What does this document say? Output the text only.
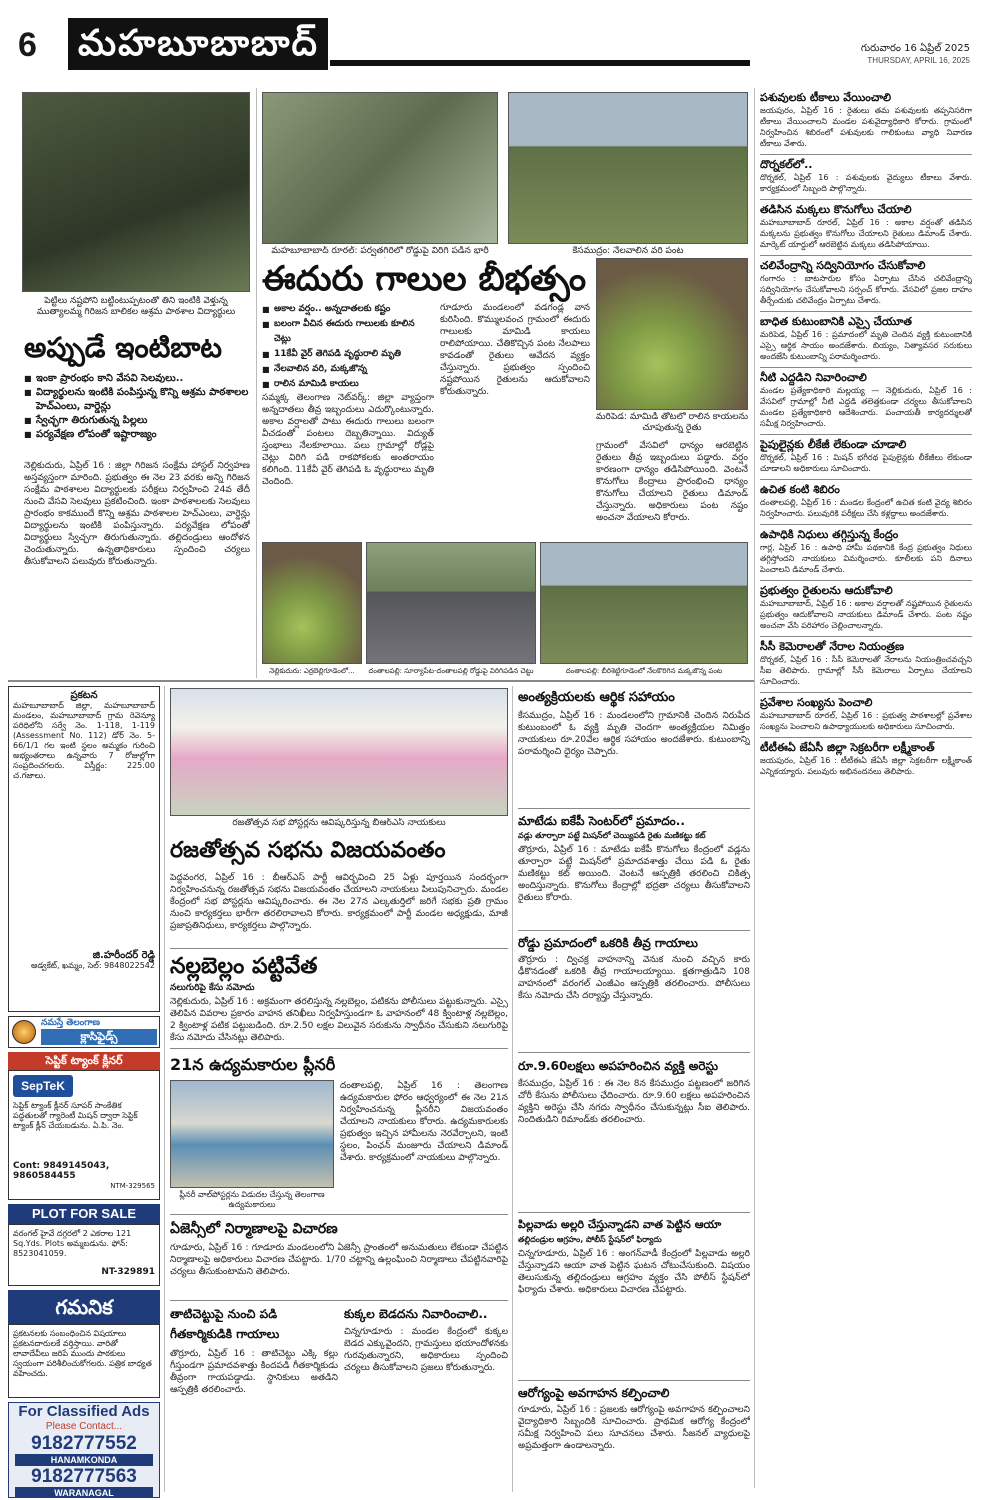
6	మహబూబాబాద్	గురువారం 16 ఏప్రిల్ 2025
THURSDAY, APRIL 16, 2025
పెట్టిలు నష్టపోని బట్టింటుప్పటంతో తిని ఇంటికి వెళ్తున్న ముత్యాలమ్మ గిరిజన బాలికల ఆశ్రమ పాఠశాల విద్యార్థులు
అప్పుడే ఇంటిబాట
■ ఇంకా ప్రారంభం కాని వేసవి సెలవులు..
■ విద్యార్థులను ఇంటికి పంపిస్తున్న కొన్ని ఆశ్రమ పాఠశాలల హెచ్‌ఎంలు, వార్డెన్లు
■ స్వేచ్ఛగా తిరుగుతున్న పిల్లలు
■ పర్యవేక్షణ లోపంతో ఇష్టారాజ్యం
నెల్లికుదురు, ఏప్రిల్ 16 : జిల్లా గిరిజన సంక్షేమ హాస్టల్ నిర్వహణ అస్తవ్యస్తంగా మారింది. ప్రభుత్వం ఈ నెల 23 వరకు అన్ని గిరిజన సంక్షేమ పాఠశాలల విద్యార్థులకు పరీక్షలు నిర్వహించి 24వ తేదీ నుంచి వేసవి సెలవులు ప్రకటించింది. ఇంకా పాఠశాలలకు సెలవులు ప్రారంభం కాకముందే కొన్ని ఆశ్రమ పాఠశాలల హెచ్‌ఎంలు, వార్డెన్లు విద్యార్థులను ఇంటికి పంపిస్తున్నారు. పర్యవేక్షణ లోపంతో విద్యార్థులు స్వేచ్ఛగా తిరుగుతున్నారు. తల్లిదండ్రులు ఆందోళన చెందుతున్నారు. ఉన్నతాధికారులు స్పందించి చర్యలు తీసుకోవాలని పలువురు కోరుతున్నారు.
మహబూబాబాద్ రూరల్: పర్వతగిరిలో రోడ్డుపై విరిగి పడిన భారీ	కేసముద్రం: నేలవాలిన వరి పంట
ఈదురు గాలుల బీభత్సం
మరిపెడ: మామిడి తోటలో రాలిన కాయలను చూపుతున్న రైతు
■ అకాల వర్షం.. అన్నదాతలకు కష్టం
■ బలంగా వీచిన ఈదురు గాలులకు కూలిన చెట్లు
■ 11కేవీ వైర్ తెగిపడి వృద్ధురాలి మృతి
■ నేలవాలిన వరి, మక్కజొన్న
■ రాలిన మామిడి కాయలు
సమ్మక్క తెలంగాణ నెట్‌వర్క్: జిల్లా వ్యాప్తంగా అన్నదాతలు తీవ్ర ఇబ్బందులు ఎదుర్కొంటున్నారు. అకాల వర్షాలతో పాటు ఈదురు గాలులు బలంగా వీచడంతో పంటలు దెబ్బతిన్నాయి. విద్యుత్ స్తంభాలు నేలకూలాయి. పలు గ్రామాల్లో రోడ్లపై చెట్లు విరిగి పడి రాకపోకలకు అంతరాయం కలిగింది. 11కేవీ వైర్ తెగిపడి ఓ వృద్ధురాలు మృతి చెందింది.
గూడూరు మండలంలో వడగండ్ల వాన కురిసింది. కొమ్ములవంచ గ్రామంలో ఈదురు గాలులకు మామిడి కాయలు రాలిపోయాయి. చేతికొచ్చిన పంట నేలపాలు కావడంతో రైతులు ఆవేదన వ్యక్తం చేస్తున్నారు. ప్రభుత్వం స్పందించి నష్టపోయిన రైతులను ఆదుకోవాలని కోరుతున్నారు.
గ్రామంలో వేసవిలో ధాన్యం ఆరబెట్టిన రైతులు తీవ్ర ఇబ్బందులు పడ్డారు. వర్షం కారణంగా ధాన్యం తడిసిపోయింది. వెంటనే కొనుగోలు కేంద్రాలు ప్రారంభించి ధాన్యం కొనుగోలు చేయాలని రైతులు డిమాండ్ చేస్తున్నారు. అధికారులు పంట నష్టం అంచనా వేయాలని కోరారు.
నెల్లికుదురు: ఎర్రబెల్లిగూడెంలో...	దంతాలపల్లి: సూర్యాపేట-దంతాలపల్లి రోడ్డుపై విరిగిపడిన చెట్టు	దంతాలపల్లి: బీరిశెట్టిగూడెంలో నేలకొరిగిన మక్కజొన్న పంట
పశువులకు టీకాలు వేయించాలి
జయపురం, ఏప్రిల్ 16 : రైతులు తమ పశువులకు తప్పనిసరిగా టీకాలు వేయించాలని మండల పశువైద్యాధికారి కోరారు. గ్రామంలో నిర్వహించిన శిబిరంలో పశువులకు గాలికుంటు వ్యాధి నివారణ టీకాలు వేశారు.
దొర్నకల్‌లో..
దొర్నకల్, ఏప్రిల్ 16 : పశువులకు వైద్యులు టీకాలు వేశారు. కార్యక్రమంలో సిబ్బంది పాల్గొన్నారు.
తడిసిన మక్కలు కొనుగోలు చేయాలి
మహబూబాబాద్ రూరల్, ఏప్రిల్ 16 : అకాల వర్షంతో తడిసిన మక్కలను ప్రభుత్వం కొనుగోలు చేయాలని రైతులు డిమాండ్ చేశారు. మార్కెట్ యార్డులో ఆరబెట్టిన మక్కలు తడిసిపోయాయి.
చలివేంద్రాన్ని సద్వినియోగం చేసుకోవాలి
గంగారం : బాటసారుల కోసం ఏర్పాటు చేసిన చలివేంద్రాన్ని సద్వినియోగం చేసుకోవాలని సర్పంచ్ కోరారు. వేసవిలో ప్రజల దాహం తీర్చేందుకు చలివేంద్రం ఏర్పాటు చేశారు.
బాధిత కుటుంబానికి ఎస్సై చేయూత
మరిపెడ, ఏప్రిల్ 16 : ప్రమాదంలో మృతి చెందిన వ్యక్తి కుటుంబానికి ఎస్సై ఆర్థిక సాయం అందజేశారు. బియ్యం, నిత్యావసర సరుకులు అందజేసి కుటుంబాన్ని పరామర్శించారు.
నీటి ఎద్దడిని నివారించాలి
మండల ప్రత్యేకాధికారి మల్లయ్య — నెల్లికుదురు, ఏప్రిల్ 16 : వేసవిలో గ్రామాల్లో నీటి ఎద్దడి తలెత్తకుండా చర్యలు తీసుకోవాలని మండల ప్రత్యేకాధికారి ఆదేశించారు. పంచాయతీ కార్యదర్శులతో సమీక్ష నిర్వహించారు.
పైపులైన్లకు లీకేజీ లేకుండా చూడాలి
దొర్నకల్, ఏప్రిల్ 16 : మిషన్ భగీరథ పైపులైన్లకు లీకేజీలు లేకుండా చూడాలని అధికారులు సూచించారు.
ఉచిత కంటి శిబిరం
దంతాలపల్లి, ఏప్రిల్ 16 : మండల కేంద్రంలో ఉచిత కంటి వైద్య శిబిరం నిర్వహించారు. పలువురికి పరీక్షలు చేసి కళ్లద్దాలు అందజేశారు.
ఉపాధికి నిధులు తగ్గిస్తున్న కేంద్రం
గార్ల, ఏప్రిల్ 16 : ఉపాధి హామీ పథకానికి కేంద్ర ప్రభుత్వం నిధులు తగ్గిస్తోందని నాయకులు విమర్శించారు. కూలీలకు పని దినాలు పెంచాలని డిమాండ్ చేశారు.
ప్రభుత్వం రైతులను ఆదుకోవాలి
మహబూబాబాద్, ఏప్రిల్ 16 : అకాల వర్షాలతో నష్టపోయిన రైతులను ప్రభుత్వం ఆదుకోవాలని నాయకులు డిమాండ్ చేశారు. పంట నష్టం అంచనా వేసి పరిహారం చెల్లించాలన్నారు.
సీసీ కెమెరాలతో నేరాల నియంత్రణ
దొర్నకల్, ఏప్రిల్ 16 : సీసీ కెమెరాలతో నేరాలను నియంత్రించవచ్చని సీఐ తెలిపారు. గ్రామాల్లో సీసీ కెమెరాలు ఏర్పాటు చేయాలని సూచించారు.
ప్రవేశాల సంఖ్యను పెంచాలి
మహబూబాబాద్ రూరల్, ఏప్రిల్ 16 : ప్రభుత్వ పాఠశాలల్లో ప్రవేశాల సంఖ్యను పెంచాలని ఉపాధ్యాయులకు అధికారులు సూచించారు.
టీటీఈఏ జేఏసీ జిల్లా సెక్రటరీగా లక్ష్మీకాంత్
జయపురం, ఏప్రిల్ 16 : టీటీఈఏ జేఏసీ జిల్లా సెక్రటరీగా లక్ష్మీకాంత్ ఎన్నికయ్యారు. పలువురు అభినందనలు తెలిపారు.
ప్రకటన
మహబూబాబాద్ జిల్లా, మహబూబాబాద్ మండలం, మహబూబాబాద్ గ్రామ రెవెన్యూ పరిధిలోని సర్వే నెం. 1-118, 1-119 (Assessment No. 112) డోర్ నెం. 5-66/1/1 గల ఇంటి స్థలం అమ్మకం గురించి అభ్యంతరాలు ఉన్నవారు 7 రోజుల్లోగా సంప్రదించగలరు. విస్తీర్ణం: 225.00 చ.గజాలు.
జి.హరీందర్ రెడ్డి
అడ్వకేట్, ఖమ్మం, సెల్: 9848022542
నమస్తే తెలంగాణ
క్లాసిఫైడ్స్
సెప్టిక్ ట్యాంక్ క్లీనర్
SepTeK
సెప్టిక్ ట్యాంక్ క్లీనర్ సూపర్ సాంకేతిక పద్ధతులతో గ్యారెంటీ మిషన్ ద్వారా సెప్టిక్ ట్యాంక్ క్లీన్ చేయబడును. ఏ.పి. నెం.
Cont: 9849145043, 9860584455
NTM-329565
PLOT FOR SALE
వరంగల్ హైవే దగ్గరలో 2 ఎకరాల 121 Sq.Yds. Plots అమ్మబడును. ఫోన్: 8523041059.
NT-329891
గమనిక
ప్రకటనలకు సంబంధించిన విషయాలు ప్రకటనదారులకే వర్తిస్తాయి. వారితో లావాదేవీలు జరిపే ముందు పాఠకులు స్వయంగా పరిశీలించుకోగలరు. పత్రిక బాధ్యత వహించదు.
For Classified Ads
Please Contact...
9182777552
HANAMKONDA
9182777563
WARANAGAL
రజతోత్సవ సభ పోస్టర్లను ఆవిష్కరిస్తున్న బీఆర్‌ఎస్ నాయకులు
రజతోత్సవ సభను విజయవంతం
పెద్దవంగర, ఏప్రిల్ 16 : బీఆర్‌ఎస్ పార్టీ ఆవిర్భవించి 25 ఏళ్లు పూర్తయిన సందర్భంగా నిర్వహించనున్న రజతోత్సవ సభను విజయవంతం చేయాలని నాయకులు పిలుపునిచ్చారు. మండల కేంద్రంలో సభ పోస్టర్లను ఆవిష్కరించారు. ఈ నెల 27న ఎల్కతుర్తిలో జరిగే సభకు ప్రతి గ్రామం నుంచి కార్యకర్తలు భారీగా తరలిరావాలని కోరారు. కార్యక్రమంలో పార్టీ మండల అధ్యక్షుడు, మాజీ ప్రజాప్రతినిధులు, కార్యకర్తలు పాల్గొన్నారు.
నల్లబెల్లం పట్టివేత
నలుగురిపై కేసు నమోదు
నెల్లికుదురు, ఏప్రిల్ 16 : అక్రమంగా తరలిస్తున్న నల్లబెల్లం, పటికను పోలీసులు పట్టుకున్నారు. ఎస్సై తెలిపిన వివరాల ప్రకారం వాహన తనిఖీలు నిర్వహిస్తుండగా ఓ వాహనంలో 48 క్వింటాళ్ల నల్లబెల్లం, 2 క్వింటాళ్ల పటిక పట్టుబడింది. రూ.2.50 లక్షల విలువైన సరుకును స్వాధీనం చేసుకుని నలుగురిపై కేసు నమోదు చేసినట్లు తెలిపారు.
21న ఉద్యమకారుల ప్లీనరీ
ప్లీనరీ వాల్‌పోస్టర్లను విడుదల చేస్తున్న తెలంగాణ ఉద్యమకారులు
దంతాలపల్లి, ఏప్రిల్ 16 : తెలంగాణ ఉద్యమకారుల ఫోరం ఆధ్వర్యంలో ఈ నెల 21న నిర్వహించనున్న ప్లీనరీని విజయవంతం చేయాలని నాయకులు కోరారు. ఉద్యమకారులకు ప్రభుత్వం ఇచ్చిన హామీలను నెరవేర్చాలని, ఇంటి స్థలం, పింఛన్ మంజూరు చేయాలని డిమాండ్ చేశారు. కార్యక్రమంలో నాయకులు పాల్గొన్నారు.
ఏజెన్సీలో నిర్మాణాలపై విచారణ
గూడూరు, ఏప్రిల్ 16 : గూడూరు మండలంలోని ఏజెన్సీ ప్రాంతంలో అనుమతులు లేకుండా చేపట్టిన నిర్మాణాలపై అధికారులు విచారణ చేపట్టారు. 1/70 చట్టాన్ని ఉల్లంఘించి నిర్మాణాలు చేపట్టినవారిపై చర్యలు తీసుకుంటామని తెలిపారు.
తాటిచెట్టుపై నుంచి పడి గీతకార్మికుడికి గాయాలు
తొర్రూరు, ఏప్రిల్ 16 : తాటిచెట్టు ఎక్కి కల్లు గీస్తుండగా ప్రమాదవశాత్తు కిందపడి గీతకార్మికుడు తీవ్రంగా గాయపడ్డాడు. స్థానికులు అతడిని ఆస్పత్రికి తరలించారు.
కుక్కల బెడదను నివారించాలి..
చిన్నగూడూరు : మండల కేంద్రంలో కుక్కల బెడద ఎక్కువైందని, గ్రామస్తులు భయాందోళనకు గురవుతున్నారని, అధికారులు స్పందించి చర్యలు తీసుకోవాలని ప్రజలు కోరుతున్నారు.
అంత్యక్రియలకు ఆర్థిక సహాయం
కేసముద్రం, ఏప్రిల్ 16 : మండలంలోని గ్రామానికి చెందిన నిరుపేద కుటుంబంలో ఓ వ్యక్తి మృతి చెందగా అంత్యక్రియల నిమిత్తం నాయకులు రూ.20వేల ఆర్థిక సహాయం అందజేశారు. కుటుంబాన్ని పరామర్శించి ధైర్యం చెప్పారు.
మాటేడు ఐకేపీ సెంటర్‌లో ప్రమాదం..
వడ్లు తూర్పారా పట్టే మిషన్‌లో చెయ్యిపడి రైతు మణికట్టు కట్
తొర్రూరు, ఏప్రిల్ 16 : మాటేడు ఐకేపీ కొనుగోలు కేంద్రంలో వడ్లను తూర్పారా పట్టే మిషన్‌లో ప్రమాదవశాత్తు చేయి పడి ఓ రైతు మణికట్టు కట్ అయింది. వెంటనే ఆస్పత్రికి తరలించి చికిత్స అందిస్తున్నారు. కొనుగోలు కేంద్రాల్లో భద్రతా చర్యలు తీసుకోవాలని రైతులు కోరారు.
రోడ్డు ప్రమాదంలో ఒకరికి తీవ్ర గాయాలు
తొర్రూరు : ద్విచక్ర వాహనాన్ని వెనుక నుంచి వచ్చిన కారు ఢీకొనడంతో ఒకరికి తీవ్ర గాయాలయ్యాయి. క్షతగాత్రుడిని 108 వాహనంలో వరంగల్ ఎంజీఎం ఆస్పత్రికి తరలించారు. పోలీసులు కేసు నమోదు చేసి దర్యాప్తు చేస్తున్నారు.
రూ.9.60లక్షలు అపహరించిన వ్యక్తి అరెస్టు
కేసముద్రం, ఏప్రిల్ 16 : ఈ నెల 8న కేసముద్రం పట్టణంలో జరిగిన చోరీ కేసును పోలీసులు ఛేదించారు. రూ.9.60 లక్షలు అపహరించిన వ్యక్తిని అరెస్టు చేసి నగదు స్వాధీనం చేసుకున్నట్లు సీఐ తెలిపారు. నిందితుడిని రిమాండ్‌కు తరలించారు.
పిల్లవాడు అల్లరి చేస్తున్నాడని వాత పెట్టిన ఆయా
తల్లిదండ్రుల ఆగ్రహం, పోలీస్ స్టేషన్‌లో ఫిర్యాదు
చిన్నగూడూరు, ఏప్రిల్ 16 : అంగన్‌వాడీ కేంద్రంలో పిల్లవాడు అల్లరి చేస్తున్నాడని ఆయా వాత పెట్టిన ఘటన చోటుచేసుకుంది. విషయం తెలుసుకున్న తల్లిదండ్రులు ఆగ్రహం వ్యక్తం చేసి పోలీస్ స్టేషన్‌లో ఫిర్యాదు చేశారు. అధికారులు విచారణ చేపట్టారు.
ఆరోగ్యంపై అవగాహన కల్పించాలి
గూడూరు, ఏప్రిల్ 16 : ప్రజలకు ఆరోగ్యంపై అవగాహన కల్పించాలని వైద్యాధికారి సిబ్బందికి సూచించారు. ప్రాథమిక ఆరోగ్య కేంద్రంలో సమీక్ష నిర్వహించి పలు సూచనలు చేశారు. సీజనల్ వ్యాధులపై అప్రమత్తంగా ఉండాలన్నారు.
